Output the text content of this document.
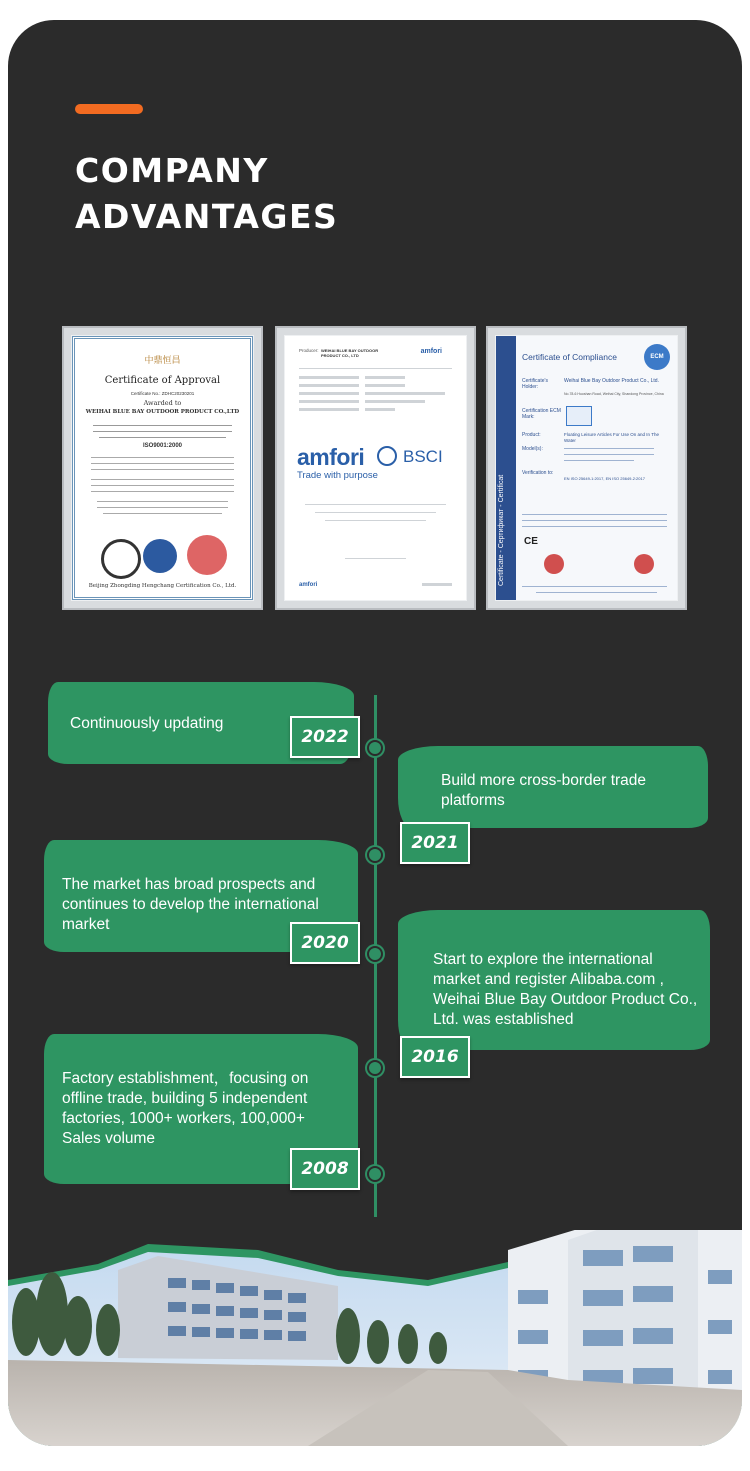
COMPANY
ADVANTAGES
中鼎恒昌
Certificate of Approval
Certificate No.: ZDHC20230201
Awarded to
WEIHAI BLUE BAY OUTDOOR PRODUCT CO.,LTD
ISO9001:2000
Beijing Zhongding Hengchang Certification Co., Ltd.
Producer: WEIHAI BLUE BAY OUTDOOR PRODUCT CO., LTD
amfori
amfori BSCI
Trade with purpose
amfori	Certificate - Сертификат - Certificat
Certificate of Compliance	ECM
Certificate's Holder:
Weihai Blue Bay Outdoor Product Co., Ltd.
No.78-6 Huoshan Road, Weihai City, Shandong Province, China
Certification ECM Mark:
Product:	Floating Leisure Articles For Use On and In The Water
Model(s):
Verification to:
EN ISO 25649-1:2017, EN ISO 25649-2:2017
CE
Continuously updating
2022
Build more cross-border trade platforms
2021
The market has broad prospects and continues to develop the international market
2020
Start to explore the international market and register Alibaba.com , Weihai Blue Bay Outdoor Product Co., Ltd. was established
2016
Factory establishment，focusing on offline trade, building 5 independent factories, 1000+ workers, 100,000+ Sales volume
2008
